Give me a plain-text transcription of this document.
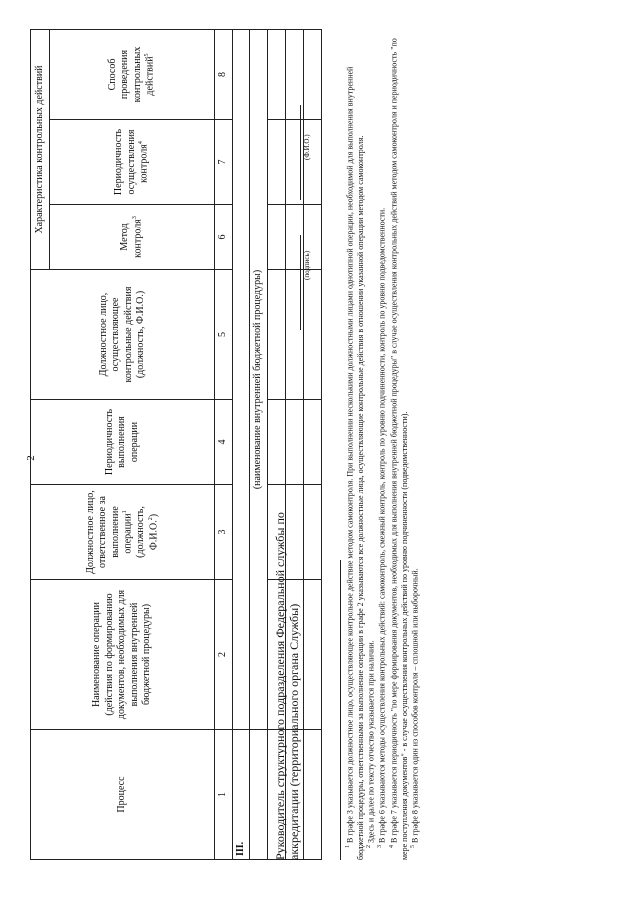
2
Процесс	Наименование операции (действия по формированию документов, необходимых для выполнения внутренней бюджетной процедуры)	Должностное лицо, ответственное за выполнение операции$^1$ (должность, Ф.И.О.$^2$)	Периодичность выполнения операции	Должностное лицо, осуществляющее контрольные действия (должность, Ф.И.О.)	Характеристика контрольных действий		
					Метод контроля$^3$	Периодичность осуществления контроля$^4$	Способ проведения контрольных действий$^5$
1	2	3	4	5	6	7	8
III.							
	(наименование внутренней бюджетной процедуры)						

Руководитель структурного подразделения Федеральной службы по аккредитации (территориального органа Службы)
(подпись)
(Ф.И.О.)

$^1$ В графе 3 указывается должностное лицо, осуществляющее контрольное действие методом самоконтроля. При выполнении несколькими должностными лицами однотипной операции, необходимой для выполнения внутренней бюджетной процедуры, ответственными за выполнение операции в графе 2 указываются все должностные лица, осуществляющие контрольные действия в отношении указанной операции методом самоконтроля. $^2$ Здесь и далее по тексту отчество указывается при наличии.

$^3$ В графе 6 указываются методы осуществления контрольных действий: самоконтроль, смежный контроль, контроль по уровню подчиненности, контроль по уровню подведомственности.

$^4$ В графе 7 указывается периодичность "по мере формирования документов, необходимых для выполнения внутренней бюджетной процедуры" в случае осуществления контрольных действий методом самоконтроля и периодичность "по мере поступления документов" - в случае осуществления контрольных действий по уровню подчиненности (подведомственности). $^5$ В графе 8 указывается один из способов контроля – сплошной или выборочный.
